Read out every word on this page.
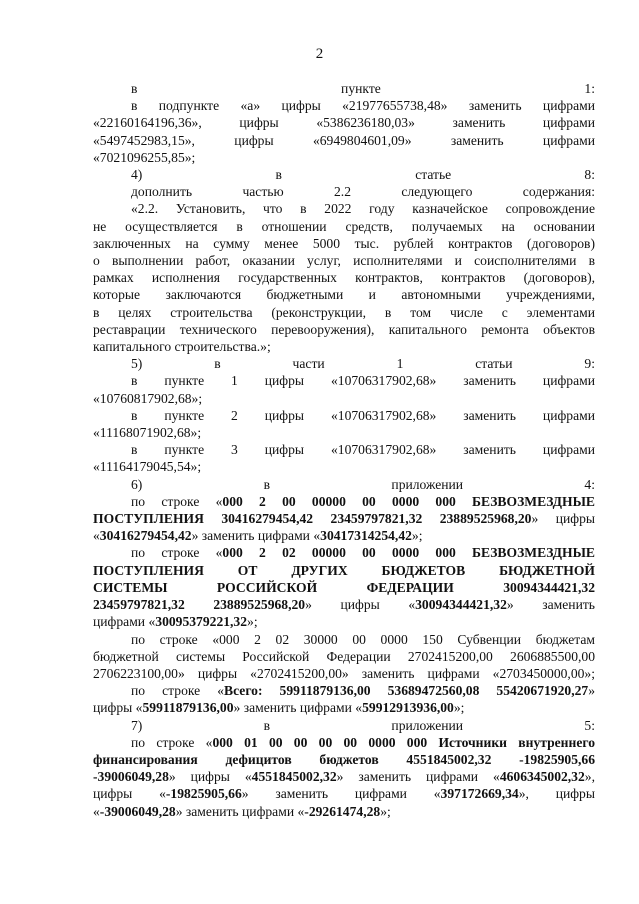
2

в пункте 1:

в подпункте «а» цифры «21977655738,48» заменить цифрами

«22160164196,36», цифры «5386236180,03» заменить цифрами

«5497452983,15», цифры «6949804601,09» заменить цифрами

«7021096255,85»;

4) в статье 8:

дополнить частью 2.2 следующего содержания:

«2.2. Установить, что в 2022 году казначейское сопровождение

не осуществляется в отношении средств, получаемых на основании

заключенных на сумму менее 5000 тыс. рублей контрактов (договоров)

о выполнении работ, оказании услуг, исполнителями и соисполнителями в

рамках исполнения государственных контрактов, контрактов (договоров),

которые заключаются бюджетными и автономными учреждениями,

в целях строительства (реконструкции, в том числе с элементами

реставрации технического перевооружения), капитального ремонта объектов

капитального строительства.»;

5) в части 1 статьи 9:

в пункте 1 цифры «10706317902,68» заменить цифрами

«10760817902,68»;

в пункте 2 цифры «10706317902,68» заменить цифрами

«11168071902,68»;

в пункте 3 цифры «10706317902,68» заменить цифрами

«11164179045,54»;

6) в приложении 4:

по строке «000 2 00 00000 00 0000 000 БЕЗВОЗМЕЗДНЫЕ

ПОСТУПЛЕНИЯ 30416279454,42 23459797821,32 23889525968,20» цифры

«30416279454,42» заменить цифрами «30417314254,42»;

по строке «000 2 02 00000 00 0000 000 БЕЗВОЗМЕЗДНЫЕ

ПОСТУПЛЕНИЯ ОТ ДРУГИХ БЮДЖЕТОВ БЮДЖЕТНОЙ

СИСТЕМЫ РОССИЙСКОЙ ФЕДЕРАЦИИ 30094344421,32

23459797821,32 23889525968,20» цифры «30094344421,32» заменить

цифрами «30095379221,32»;

по строке «000 2 02 30000 00 0000 150 Субвенции бюджетам

бюджетной системы Российской Федерации 2702415200,00 2606885500,00

2706223100,00» цифры «2702415200,00» заменить цифрами «2703450000,00»;

по строке «Всего: 59911879136,00 53689472560,08 55420671920,27»

цифры «59911879136,00» заменить цифрами «59912913936,00»;

7) в приложении 5:

по строке «000 01 00 00 00 00 0000 000 Источники внутреннего

финансирования дефицитов бюджетов 4551845002,32 -19825905,66

-39006049,28» цифры «4551845002,32» заменить цифрами «4606345002,32»,

цифры «-19825905,66» заменить цифрами «397172669,34», цифры

«-39006049,28» заменить цифрами «-29261474,28»;
